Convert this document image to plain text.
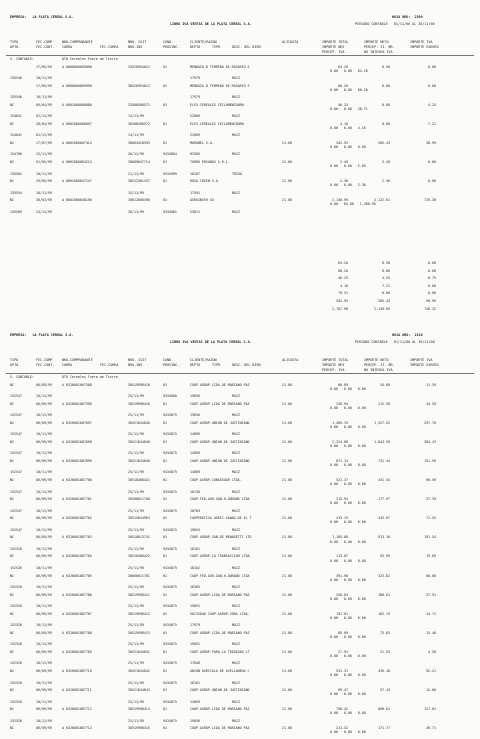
EMPRESA:   LA PLATA CEREAL S.A.
LIBRO IVA VENTAS DE LA PLATA CEREAL S.A.
HOJA NRO:  2309
PERIODO CONTABLE   01/11/00 AL 30/11/00
TIPO	FEC.COMP	NRO.COMPROBANTE	NRO. CUIT	COND.	CLIENTE/RAZON	ALICUOTA	IMPORTE TOTAL	IMPORTE NETO	IMPORTE IVA
APTO.	FEC.CONT. CORRA	FEC.CORRA	NRO.INS	PROVINC.	DEPTO	TIPR	DESC. DEL BIEN	IMPORTE NRI	PERCEP. II. BR.	IMPORTE EXENTO
PERCEP. IVA	NO INTEGRA IVA
V. CONTABLE:	DTO Cereales Fuera de Tierra
17/05/99	A 0000000009890	33526994012	01	MENDOZA B TERMINO DE ROSARIO S	64.26	6.50	0.00
0.00   0.00   64.26
155546	10/11/99	17979	MAIZ
17/05/99	A 0000000009990	30526994012	01	MENDOZA B TERMINO DE ROSARIO S	80.26	6.00	0.00
0.00   0.00   80.26
155546	10/11/99	17979	MAIZ
NC	09/04/99	A 0001000000086	33508496571	01	ELEV.CEREALES CEILAMENCOURN	46.25	0.00	4.25
0.00   0.00   38.71
154041	01/11/99	14/11/99	22609	MAIZ
NC	28/04/99	A 0001000000097	30508496572	01	ELEV.CEREALES CEILAMENCOURN	4.16	0.00	7.21
0.00   0.00   4.16
154041	01/11/99	14/11/99	22609	MAIZ
NC	17/07/99	A 0001000007414	30604418393	01	MARUBEL S.A.	21.00	342.93	285.43	58.99
0.00   0.00   0.00
154706	25/11/99	26/11/99	9434804	03305	MAIZ
NC	01/05/99	A 0002800004224	30609847714	01	TORRO ERSANOS S.R.L.	21.00	3.49	3.49	0.00
0.00   0.00   2.85
155501	10/11/99	21/11/99	9434999	10187	TRIGO
NC	29/05/99	A 0001000047147	30512361437	01	ROSA CREEN S.A.	21.00	2.36	2.36	0.00
0.00   0.00   2.36
155554	10/11/99	15/11/99	17591	MAIZ
NC	30/03/99	A 0001000048190	30612000490	01	AGROINVER SA	21.00	2,130.99	2,122.61	729.30
0.00   84.00   1,360.99
155569	24/11/99	28/11/99	9434001	25811	MAIZ
64.26	6.50	0.00
80.26	6.00	0.00
46.25	4.25	8.75
4.16	7.21	0.00
79.51	0.00	0.00
342.93	285.43	58.99
2,787.98	2,149.05	736.32
EMPRESA:   LA PLATA CEREAL S.A.
LIBRO IVA VENTAS DE LA PLATA CEREAL S.A.
HOJA NRO:  2310
PERIODO CONTABLE   01/11/00 AL 30/11/00
TIPO	FEC.COMP	NRO.COMPROBANTE	NRO. CUIT	COND.	CLIENTE/RAZON	ALICUOTA	IMPORTE TOTAL	IMPORTE NETO	IMPORTE IVA
APTO.	FEC.CONT. CORRA	FEC.CORRA	NRO.INS	PROVINC.	DEPTO	TIPR	DESC. DEL BIEN	IMPORTE NRI	PERCEP. II. BR.	IMPORTE EXENTO
PERCEP. IVA	NO INTEGRA IVA
V. CONTABLE:	DTO Cereales Fuera de Tierra
NC	06/09/99	A 0326001067588	30519998410	01	COOP.AGROP.LIDA DE MARIANO PAZ	21.00	66.89	54.89	11.59
0.00   0.00   0.00
152547	10/11/99	25/11/99	9434000	19056	MAIZ
NC	06/09/99	A 0326001067598	30519998410	01	COOP.AGROP.LIDA DE MARIANO PAZ	21.00	236.94	212.58	44.59
0.00   0.00   0.00
152547	10/11/99	25/11/99	9434075	19056	MAIZ
NC	06/09/99	A 0326001087697	30521644840	01	COOP.AGROP.UNION DE JUSTINIANO	21.00	1,485.19	1,327.52	297.76
0.00   0.00   0.00
152547	10/11/99	25/11/99	9434075	14809	MAIZ
NC	06/09/99	A 0326001087698	30521644840	01	COOP.AGROP.UNION DE JUSTINIANO	21.00	2,224.88	1,843.39	384.43
0.00   0.00   0.00
152547	10/11/99	25/11/99	9434075	14809	MAIZ
NC	06/09/99	A 0326001087699	30521644840	01	COOP.AGROP.UNION DE JUSTINIANO	21.00	871.14	731.44	151.59
0.00   0.00   0.00
152547	10/11/99	25/11/99	9434075	14809	MAIZ
NC	06/09/99	A 0326001087700	30518488421	01	COOP.AGROP.CONSEGUAR LTDA.	21.00	521.37	431.34	90.59
0.00   0.00   0.00
152547	10/11/99	25/11/99	9434075	18136	MAIZ
NC	06/09/99	A 0326001087701	30500011780	01	COOP.FED.AGR.GAN.H.DURAND LTDA	21.00	215.94	177.97	37.39
0.00   0.00   0.00
152547	10/11/99	25/11/99	9434075	18769	MAIZ
NC	06/09/99	A 0326001087702	30515844983	01	COOPERATIVA AGRIC.GANAD.DE EL T	21.00	415.15	343.07	71.55
0.00   0.00   0.00
152547	10/11/99	25/11/99	9434075	19054	MAIZ
NC	06/09/99	A 0326001087703	30510013741	01	COOP.AGROP.SAN.DE BENADETTI LTD	21.00	1,105.68	913.10	191.54
0.00   0.00   0.00
152526	10/11/99	25/11/99	9434075	18101	MAIZ
NC	06/09/99	A 0326001087704	30516488422	01	COOP.AGROP.LA TRANSACCION LTDA.	21.00	113.87	93.99	19.69
0.00   0.00   0.00
152526	10/11/99	25/11/99	9434075	18102	MAIZ
NC	06/09/99	A 0326001087705	30600011781	01	COOP.FED.AGR.GAN.H.DURAND LTDA	21.00	391.90	323.82	68.08
0.00   0.00   0.00
152526	10/11/99	25/11/99	9434075	18365	MAIZ
NC	06/09/99	A 0326001087706	30519998411	01	COOP.AGROP.LIDA DE MARIANO PAZ	21.00	226.03	186.61	37.91
0.00   0.00   0.00
152526	10/11/99	25/11/99	9434075	19091	MAIZ
NC	06/09/99	A 0326001087707	30519998412	01	SOCIEDAD COOP.AGROP.CORA LTDA.	21.00	197.01	162.19	34.71
0.00   0.00   0.00
152526	10/11/99	25/11/99	9434075	17979	MAIZ
NC	06/09/99	A 0326001087708	30519998413	01	COOP.AGROP.LIDA DE MARIANO PAZ	21.00	89.09	73.63	15.46
0.00   0.00   0.00
152526	10/11/99	25/11/99	9434075	19091	MAIZ
NC	06/09/99	A 0326001087709	30521644841	01	COOP.AGROP.PARA LA TRINIDAD LT	21.00	27.91	21.53	4.58
0.00   0.00   0.00
152526	10/11/99	25/11/99	9434075	17848	MAIZ
NC	06/09/99	A 0326001087710	30521644842	01	UNION AGRICOLA DE AVELLANEDA C	21.00	531.31	439.10	92.21
0.00   0.00   0.00
152526	10/11/99	25/11/99	9434075	18101	MAIZ
NC	06/09/99	A 0326001087711	30521644843	01	COOP.AGROP.UNION DE JUSTINIANO	21.00	69.47	57.43	12.06
0.00   0.00   0.00
152526	10/11/99	25/11/99	9434075	14809	MAIZ
NC	06/09/99	A 0326001087712	30519998414	01	COOP.AGROP.LIDA DE MARIANO PAZ	21.00	736.42	608.61	127.81
0.00   0.00   0.00
152526	10/11/99	25/11/99	9434075	19056	MAIZ
NC	06/09/99	A 0326001087713	30519998415	01	COOP.AGROP.LIDA DE MARIANO PAZ	21.00	211.52	171.77	36.71
0.00   0.00   0.00
